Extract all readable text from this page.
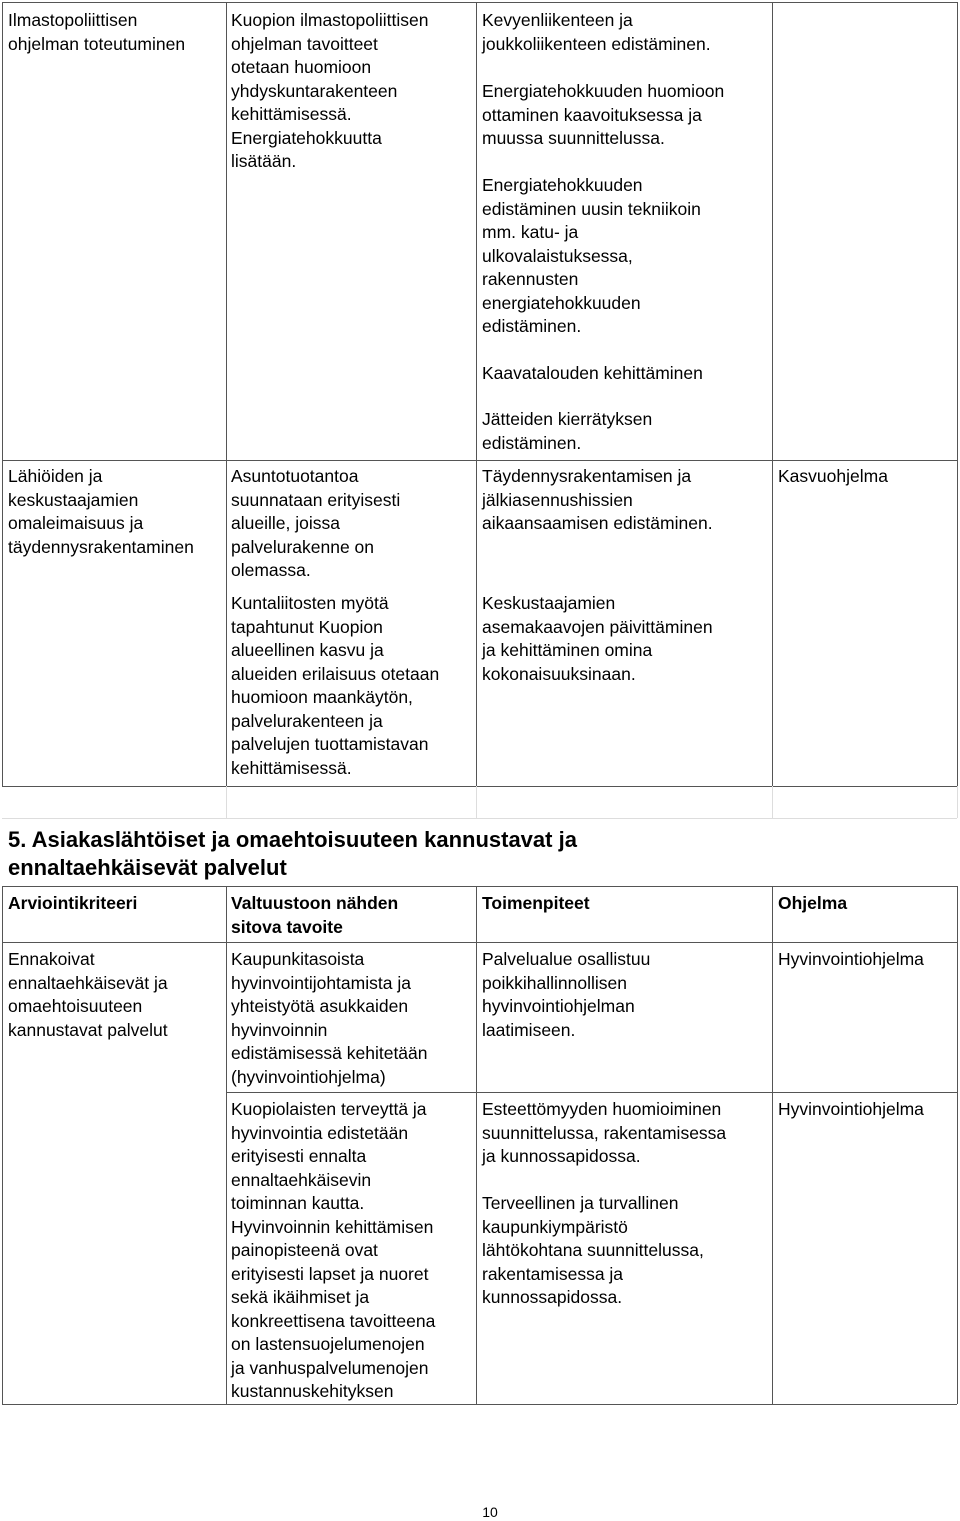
Ilmastopoliittisen
ohjelman toteutuminen
Kuopion ilmastopoliittisen
ohjelman tavoitteet
otetaan huomioon
yhdyskuntarakenteen
kehittämisessä.
Energiatehokkuutta
lisätään.
Kevyenliikenteen ja
joukkoliikenteen edistäminen.
Energiatehokkuuden huomioon
ottaminen kaavoituksessa ja
muussa suunnittelussa.
Energiatehokkuuden
edistäminen uusin tekniikoin
mm. katu- ja
ulkovalaistuksessa,
rakennusten
energiatehokkuuden
edistäminen.
Kaavatalouden kehittäminen
Jätteiden kierrätyksen
edistäminen.
Lähiöiden ja
keskustaajamien
omaleimaisuus ja
täydennysrakentaminen
Asuntotuotantoa
suunnataan erityisesti
alueille, joissa
palvelurakenne on
olemassa.
Kuntaliitosten myötä
tapahtunut Kuopion
alueellinen kasvu ja
alueiden erilaisuus otetaan
huomioon maankäytön,
palvelurakenteen ja
palvelujen tuottamistavan
kehittämisessä.
Täydennysrakentamisen ja
jälkiasennushissien
aikaansaamisen edistäminen.
Keskustaajamien
asemakaavojen päivittäminen
ja kehittäminen omina
kokonaisuuksinaan.
Kasvuohjelma
5. Asiakaslähtöiset ja omaehtoisuuteen kannustavat ja
ennaltaehkäisevät palvelut
Arviointikriteeri	Valtuustoon nähden
sitova tavoite
Toimenpiteet	Ohjelma
Ennakoivat
ennaltaehkäisevät ja
omaehtoisuuteen
kannustavat palvelut
Kaupunkitasoista
hyvinvointijohtamista ja
yhteistyötä asukkaiden
hyvinvoinnin
edistämisessä kehitetään
(hyvinvointiohjelma)
Palvelualue osallistuu
poikkihallinnollisen
hyvinvointiohjelman
laatimiseen.
Hyvinvointiohjelma
Kuopiolaisten terveyttä ja
hyvinvointia edistetään
erityisesti ennalta
ennaltaehkäisevin
toiminnan kautta.
Hyvinvoinnin kehittämisen
painopisteenä ovat
erityisesti lapset ja nuoret
sekä ikäihmiset ja
konkreettisena tavoitteena
on lastensuojelumenojen
ja vanhuspalvelumenojen
kustannuskehityksen
Esteettömyyden huomioiminen
suunnittelussa, rakentamisessa
ja kunnossapidossa.
Terveellinen ja turvallinen
kaupunkiympäristö
lähtökohtana suunnittelussa,
rakentamisessa ja
kunnossapidossa.
Hyvinvointiohjelma
10
